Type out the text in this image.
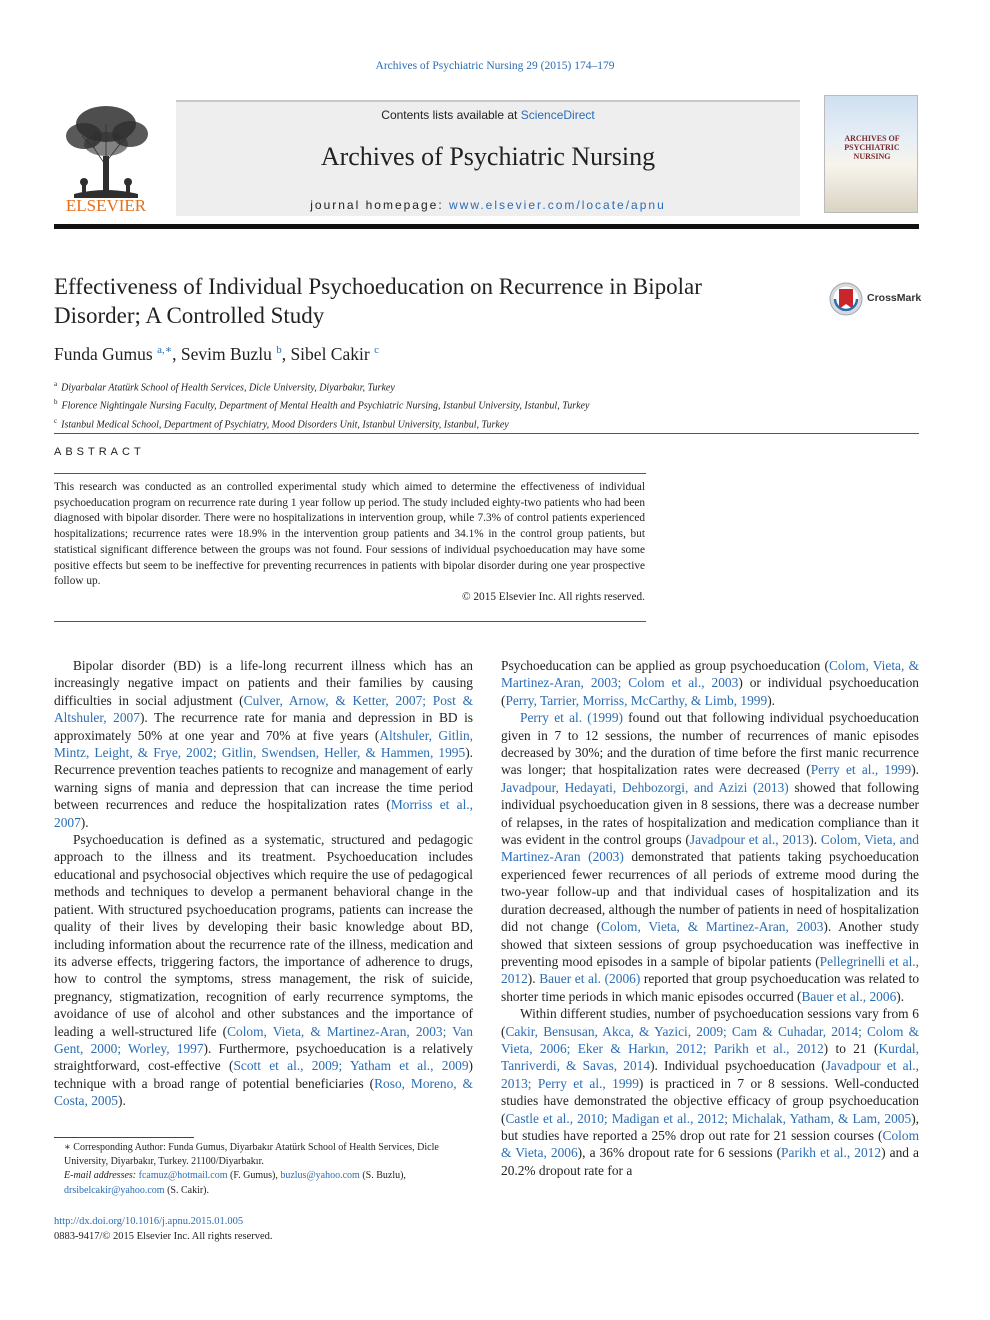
Archives of Psychiatric Nursing 29 (2015) 174–179
ELSEVIER
Contents lists available at ScienceDirect
Archives of Psychiatric Nursing
journal homepage: www.elsevier.com/locate/apnu
ARCHIVES OF PSYCHIATRIC NURSING
Effectiveness of Individual Psychoeducation on Recurrence in Bipolar Disorder; A Controlled Study
CrossMark
Funda Gumus $^{a,∗}$, Sevim Buzlu $^b$, Sibel Cakir $^c$
$^a$ Diyarbalar Atatürk School of Health Services, Dicle University, Diyarbakır, Turkey
$^b$ Florence Nightingale Nursing Faculty, Department of Mental Health and Psychiatric Nursing, Istanbul University, Istanbul, Turkey
$^c$ Istanbul Medical School, Department of Psychiatry, Mood Disorders Unit, Istanbul University, Istanbul, Turkey
ABSTRACT
This research was conducted as an controlled experimental study which aimed to determine the effectiveness of individual psychoeducation program on recurrence rate during 1 year follow up period. The study included eighty-two patients who had been diagnosed with bipolar disorder. There were no hospitalizations in intervention group, while 7.3% of control patients experienced hospitalizations; recurrence rates were 18.9% in the intervention group patients and 34.1% in the control group patients, but statistical significant difference between the groups was not found. Four sessions of individual psychoeducation may have some positive effects but seem to be ineffective for preventing recurrences in patients with bipolar disorder during one year prospective follow up.
© 2015 Elsevier Inc. All rights reserved.

Bipolar disorder (BD) is a life-long recurrent illness which has an increasingly negative impact on patients and their families by causing difficulties in social adjustment (Culver, Arnow, & Ketter, 2007; Post & Altshuler, 2007). The recurrence rate for mania and depression in BD is approximately 50% at one year and 70% at five years (Altshuler, Gitlin, Mintz, Leight, & Frye, 2002; Gitlin, Swendsen, Heller, & Hammen, 1995). Recurrence prevention teaches patients to recognize and management of early warning signs of mania and depression that can increase the time period between recurrences and reduce the hospitalization rates (Morriss et al., 2007).

Psychoeducation is defined as a systematic, structured and pedagogic approach to the illness and its treatment. Psychoeducation includes educational and psychosocial objectives which require the use of pedagogical methods and techniques to develop a permanent behavioral change in the patient. With structured psychoeducation programs, patients can increase the quality of their lives by developing their basic knowledge about BD, including information about the recurrence rate of the illness, medication and its adverse effects, triggering factors, the importance of adherence to drugs, how to control the symptoms, stress management, the risk of suicide, pregnancy, stigmatization, recognition of early recurrence symptoms, the avoidance of use of alcohol and other substances and the importance of leading a well-structured life (Colom, Vieta, & Martinez-Aran, 2003; Van Gent, 2000; Worley, 1997). Furthermore, psychoeducation is a relatively straightforward, cost-effective (Scott et al., 2009; Yatham et al., 2009) technique with a broad range of potential beneficiaries (Roso, Moreno, & Costa, 2005).

Psychoeducation can be applied as group psychoeducation (Colom, Vieta, & Martinez-Aran, 2003; Colom et al., 2003) or individual psychoeducation (Perry, Tarrier, Morriss, McCarthy, & Limb, 1999).

Perry et al. (1999) found out that following individual psychoeducation given in 7 to 12 sessions, the number of recurrences of manic episodes decreased by 30%; and the duration of time before the first manic recurrence was longer; that hospitalization rates were decreased (Perry et al., 1999). Javadpour, Hedayati, Dehbozorgi, and Azizi (2013) showed that following individual psychoeducation given in 8 sessions, there was a decrease number of relapses, in the rates of hospitalization and medication compliance than it was evident in the control groups (Javadpour et al., 2013). Colom, Vieta, and Martinez-Aran (2003) demonstrated that patients taking psychoeducation experienced fewer recurrences of all periods of extreme mood during the two-year follow-up and that individual cases of hospitalization and its duration decreased, although the number of patients in need of hospitalization did not change (Colom, Vieta, & Martinez-Aran, 2003). Another study showed that sixteen sessions of group psychoeducation was ineffective in preventing mood episodes in a sample of bipolar patients (Pellegrinelli et al., 2012). Bauer et al. (2006) reported that group psychoeducation was related to shorter time periods in which manic episodes occurred (Bauer et al., 2006).

Within different studies, number of psychoeducation sessions vary from 6 (Cakir, Bensusan, Akca, & Yazici, 2009; Cam & Cuhadar, 2014; Colom & Vieta, 2006; Eker & Harkın, 2012; Parikh et al., 2012) to 21 (Kurdal, Tanriverdi, & Savas, 2014). Individual psychoeducation (Javadpour et al., 2013; Perry et al., 1999) is practiced in 7 or 8 sessions. Well-conducted studies have demonstrated the objective efficacy of group psychoeducation (Castle et al., 2010; Madigan et al., 2012; Michalak, Yatham, & Lam, 2005), but studies have reported a 25% drop out rate for 21 session courses (Colom & Vieta, 2006), a 36% dropout rate for 6 sessions (Parikh et al., 2012) and a 20.2% dropout rate for a

∗ Corresponding Author: Funda Gumus, Diyarbakır Atatürk School of Health Services, Dicle University, Diyarbakır, Turkey. 21100/Diyarbakır.
E-mail addresses: fcamuz@hotmail.com (F. Gumus), buzlus@yahoo.com (S. Buzlu),
drsibelcakir@yahoo.com (S. Cakir).
http://dx.doi.org/10.1016/j.apnu.2015.01.005
0883-9417/© 2015 Elsevier Inc. All rights reserved.
